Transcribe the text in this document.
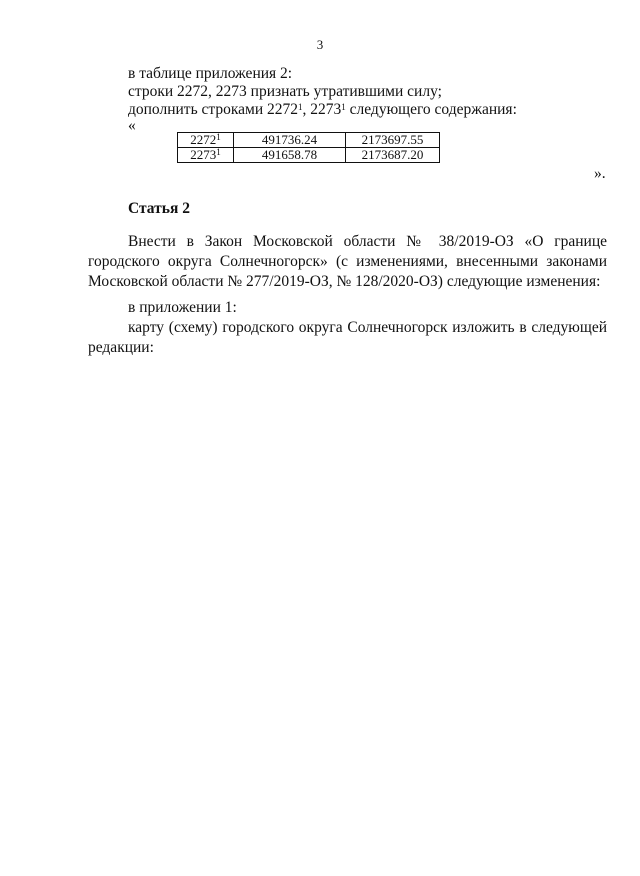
3
в таблице приложения 2:
строки 2272, 2273 признать утратившими силу;
дополнить строками 2272$^1$, 2273$^1$ следующего содержания:
«
2272$^1$	491736.24	2173697.55
2273$^1$	491658.78	2173687.20
».
Статья 2
Внести в Закон Московской области № 38/2019-ОЗ «О границе городского округа Солнечногорск» (с изменениями, внесенными законами Московской области № 277/2019-ОЗ, № 128/2020-ОЗ) следующие изменения:
в приложении 1:
карту (схему) городского округа Солнечногорск изложить в следующей редакции:
